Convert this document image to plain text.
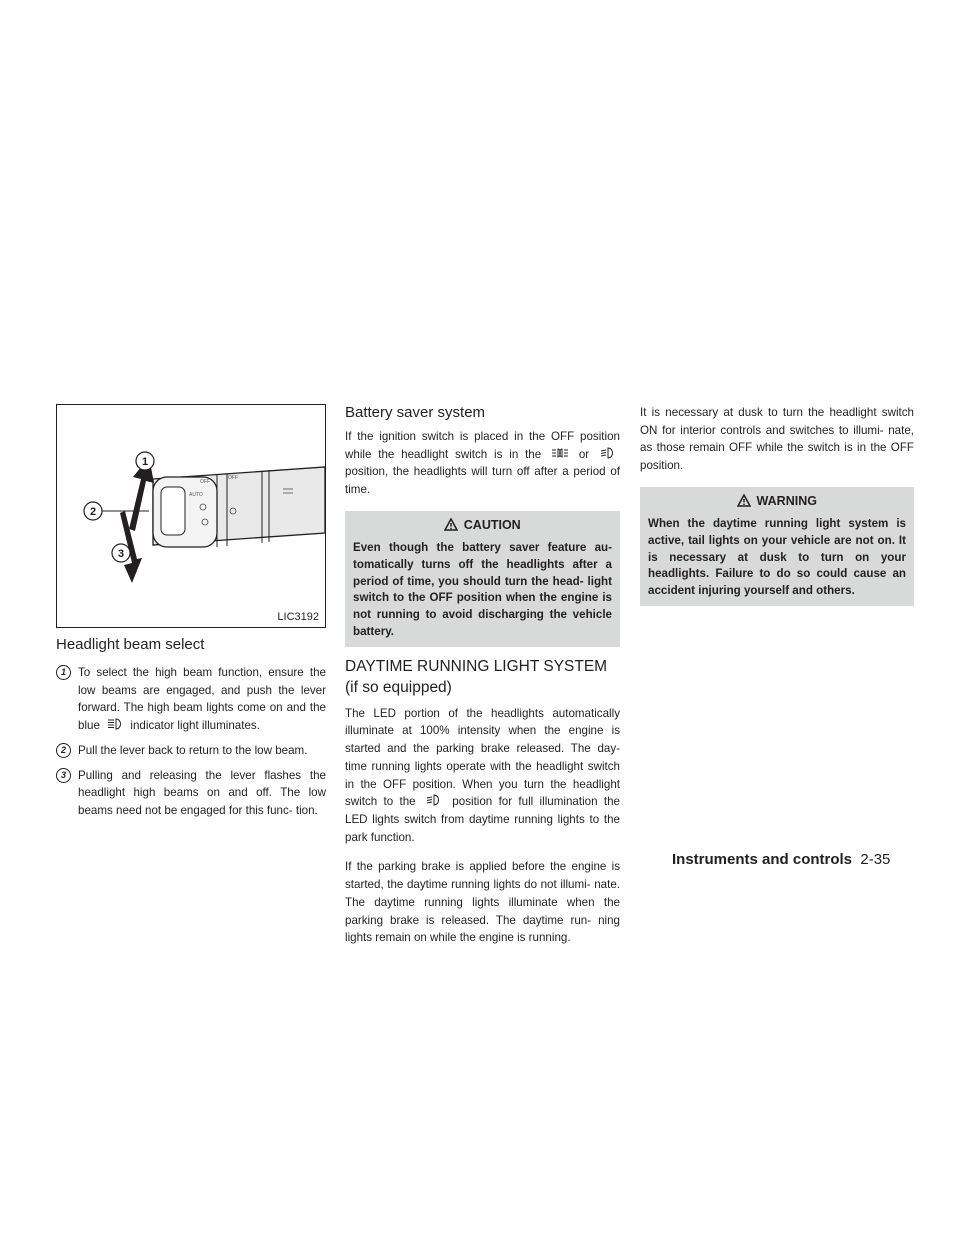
OFF
OFF
AUTO
1
2
3
LIC3192
Headlight beam select
1	To select the high beam function, ensure the low beams are engaged, and push the lever forward. The high beam lights come on and the blue	indicator light illuminates.
2	Pull the lever back to return to the low beam.
3	Pulling and releasing the lever flashes the headlight high beams on and off. The low beams need not be engaged for this func- tion.
Battery saver system

If the ignition switch is placed in the OFF position while the headlight switch is in the	or  position, the headlights will turn off after a period of time.

CAUTION
Even though the battery saver feature au- tomatically turns off the headlights after a period of time, you should turn the head- light switch to the OFF position when the engine is not running to avoid discharging the vehicle battery.
DAYTIME RUNNING LIGHT SYSTEM
(if so equipped)

The LED portion of the headlights automatically illuminate at 100% intensity when the engine is started and the parking brake released. The day- time running lights operate with the headlight switch in the OFF position. When you turn the headlight switch to the	position for full illumination the LED lights switch from daytime running lights to the park function.

If the parking brake is applied before the engine is started, the daytime running lights do not illumi- nate. The daytime running lights illuminate when the parking brake is released. The daytime run- ning lights remain on while the engine is running.

It is necessary at dusk to turn the headlight switch ON for interior controls and switches to illumi- nate, as those remain OFF while the switch is in the OFF position.

WARNING
When the daytime running light system is active, tail lights on your vehicle are not on. It is necessary at dusk to turn on your headlights. Failure to do so could cause an accident injuring yourself and others.
Instruments and controls 2-35
